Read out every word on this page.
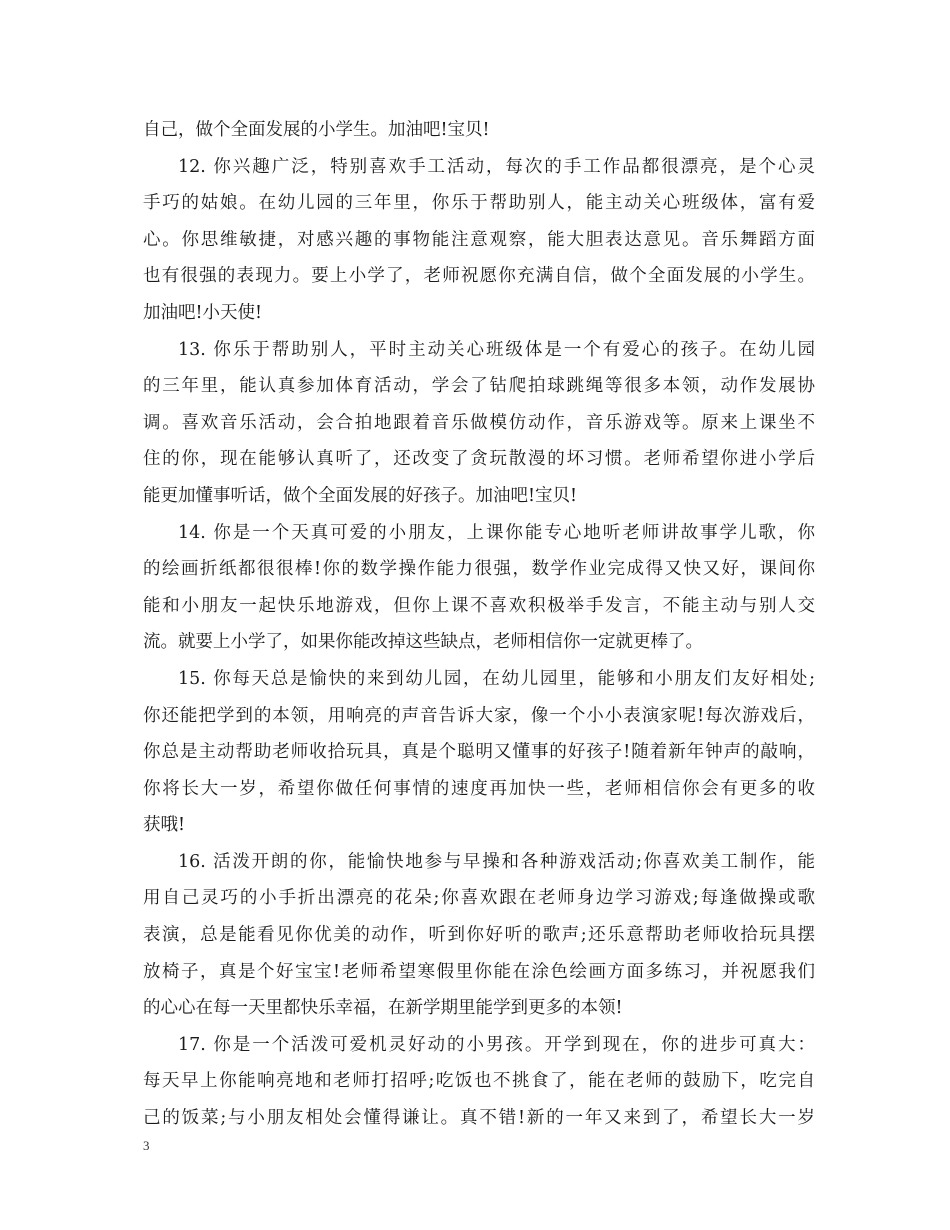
自己，做个全面发展的小学生。加油吧!宝贝!
12. 你兴趣广泛，特别喜欢手工活动，每次的手工作品都很漂亮，是个心灵
手巧的姑娘。在幼儿园的三年里，你乐于帮助别人，能主动关心班级体，富有爱
心。你思维敏捷，对感兴趣的事物能注意观察，能大胆表达意见。音乐舞蹈方面
也有很强的表现力。要上小学了，老师祝愿你充满自信，做个全面发展的小学生。
加油吧!小天使!
13. 你乐于帮助别人，平时主动关心班级体是一个有爱心的孩子。在幼儿园
的三年里，能认真参加体育活动，学会了钻爬拍球跳绳等很多本领，动作发展协
调。喜欢音乐活动，会合拍地跟着音乐做模仿动作，音乐游戏等。原来上课坐不
住的你，现在能够认真听了，还改变了贪玩散漫的坏习惯。老师希望你进小学后
能更加懂事听话，做个全面发展的好孩子。加油吧!宝贝!
14. 你是一个天真可爱的小朋友，上课你能专心地听老师讲故事学儿歌，你
的绘画折纸都很很棒!你的数学操作能力很强，数学作业完成得又快又好，课间你
能和小朋友一起快乐地游戏，但你上课不喜欢积极举手发言，不能主动与别人交
流。就要上小学了，如果你能改掉这些缺点，老师相信你一定就更棒了。
15. 你每天总是愉快的来到幼儿园，在幼儿园里，能够和小朋友们友好相处;
你还能把学到的本领，用响亮的声音告诉大家，像一个小小表演家呢!每次游戏后，
你总是主动帮助老师收拾玩具，真是个聪明又懂事的好孩子!随着新年钟声的敲响，
你将长大一岁，希望你做任何事情的速度再加快一些，老师相信你会有更多的收
获哦!
16. 活泼开朗的你，能愉快地参与早操和各种游戏活动;你喜欢美工制作，能
用自己灵巧的小手折出漂亮的花朵;你喜欢跟在老师身边学习游戏;每逢做操或歌
表演，总是能看见你优美的动作，听到你好听的歌声;还乐意帮助老师收拾玩具摆
放椅子，真是个好宝宝!老师希望寒假里你能在涂色绘画方面多练习，并祝愿我们
的心心在每一天里都快乐幸福，在新学期里能学到更多的本领!
17. 你是一个活泼可爱机灵好动的小男孩。开学到现在，你的进步可真大：
每天早上你能响亮地和老师打招呼;吃饭也不挑食了，能在老师的鼓励下，吃完自
己的饭菜;与小朋友相处会懂得谦让。真不错!新的一年又来到了，希望长大一岁
3
